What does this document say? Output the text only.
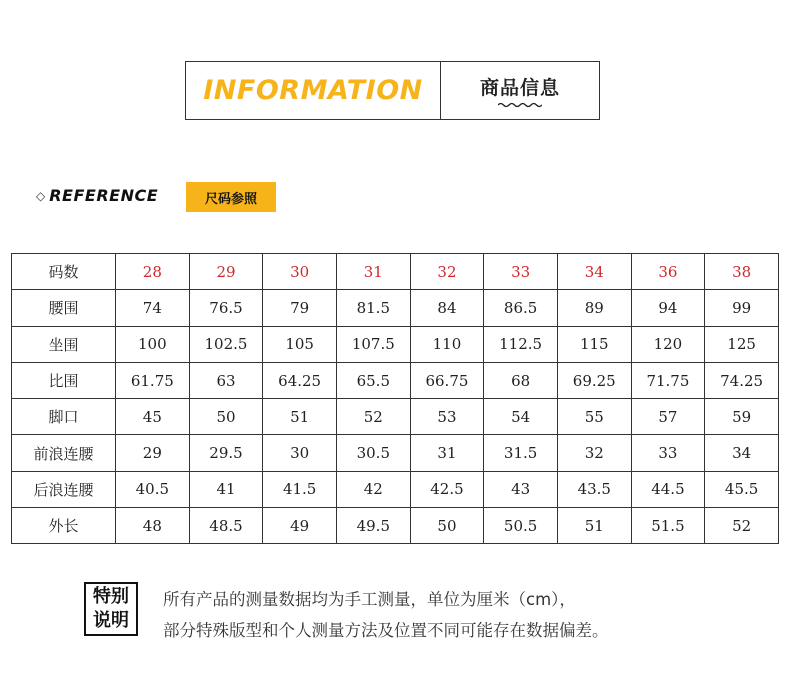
INFORMATION	商品信息
◇ REFERENCE	尺码参照
码数	28	29	30	31	32	33	34	36	38
腰围	74	76.5	79	81.5	84	86.5	89	94	99
坐围	100	102.5	105	107.5	110	112.5	115	120	125
比围	61.75	63	64.25	65.5	66.75	68	69.25	71.75	74.25
脚口	45	50	51	52	53	54	55	57	59
前浪连腰	29	29.5	30	30.5	31	31.5	32	33	34
后浪连腰	40.5	41	41.5	42	42.5	43	43.5	44.5	45.5
外长	48	48.5	49	49.5	50	50.5	51	51.5	52
特别
说明
所有产品的测量数据均为手工测量，单位为厘米（cm），
部分特殊版型和个人测量方法及位置不同可能存在数据偏差。
